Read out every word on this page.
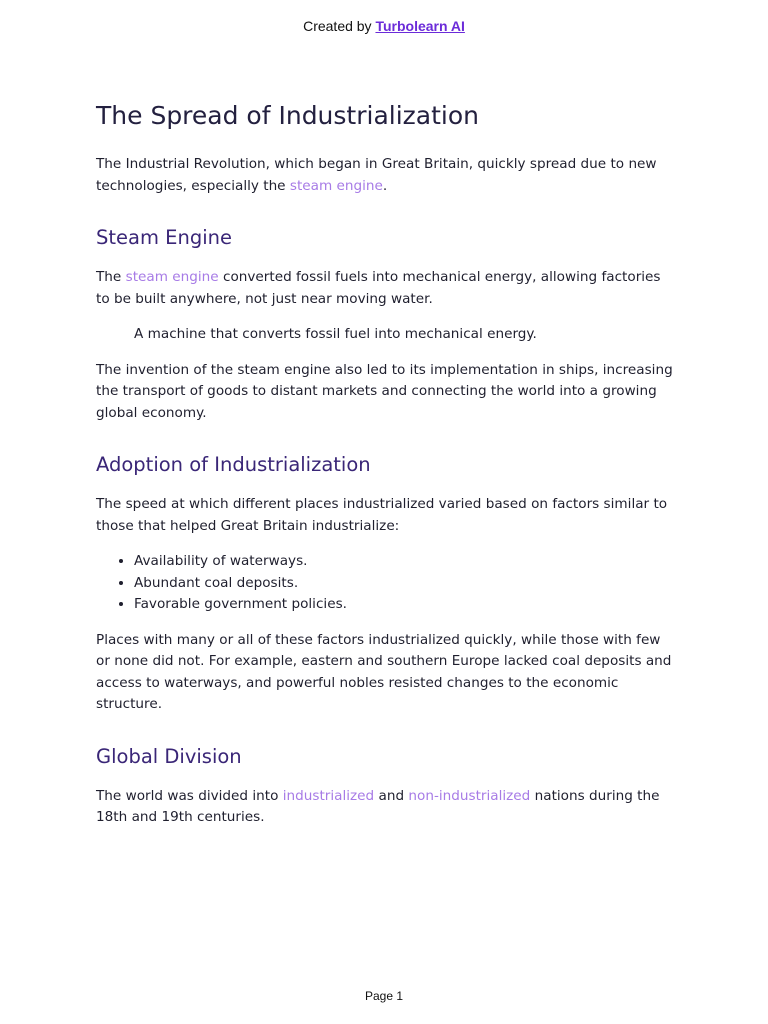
Created by Turbolearn AI
The Spread of Industrialization

The Industrial Revolution, which began in Great Britain, quickly spread due to new technologies, especially the steam engine.

Steam Engine

The steam engine converted fossil fuels into mechanical energy, allowing factories to be built anywhere, not just near moving water.

A machine that converts fossil fuel into mechanical energy.

The invention of the steam engine also led to its implementation in ships, increasing the transport of goods to distant markets and connecting the world into a growing global economy.

Adoption of Industrialization

The speed at which different places industrialized varied based on factors similar to those that helped Great Britain industrialize:

• Availability of waterways.
• Abundant coal deposits.
• Favorable government policies.

Places with many or all of these factors industrialized quickly, while those with few or none did not. For example, eastern and southern Europe lacked coal deposits and access to waterways, and powerful nobles resisted changes to the economic structure.

Global Division

The world was divided into industrialized and non-industrialized nations during the 18th and 19th centuries.

Page 1
